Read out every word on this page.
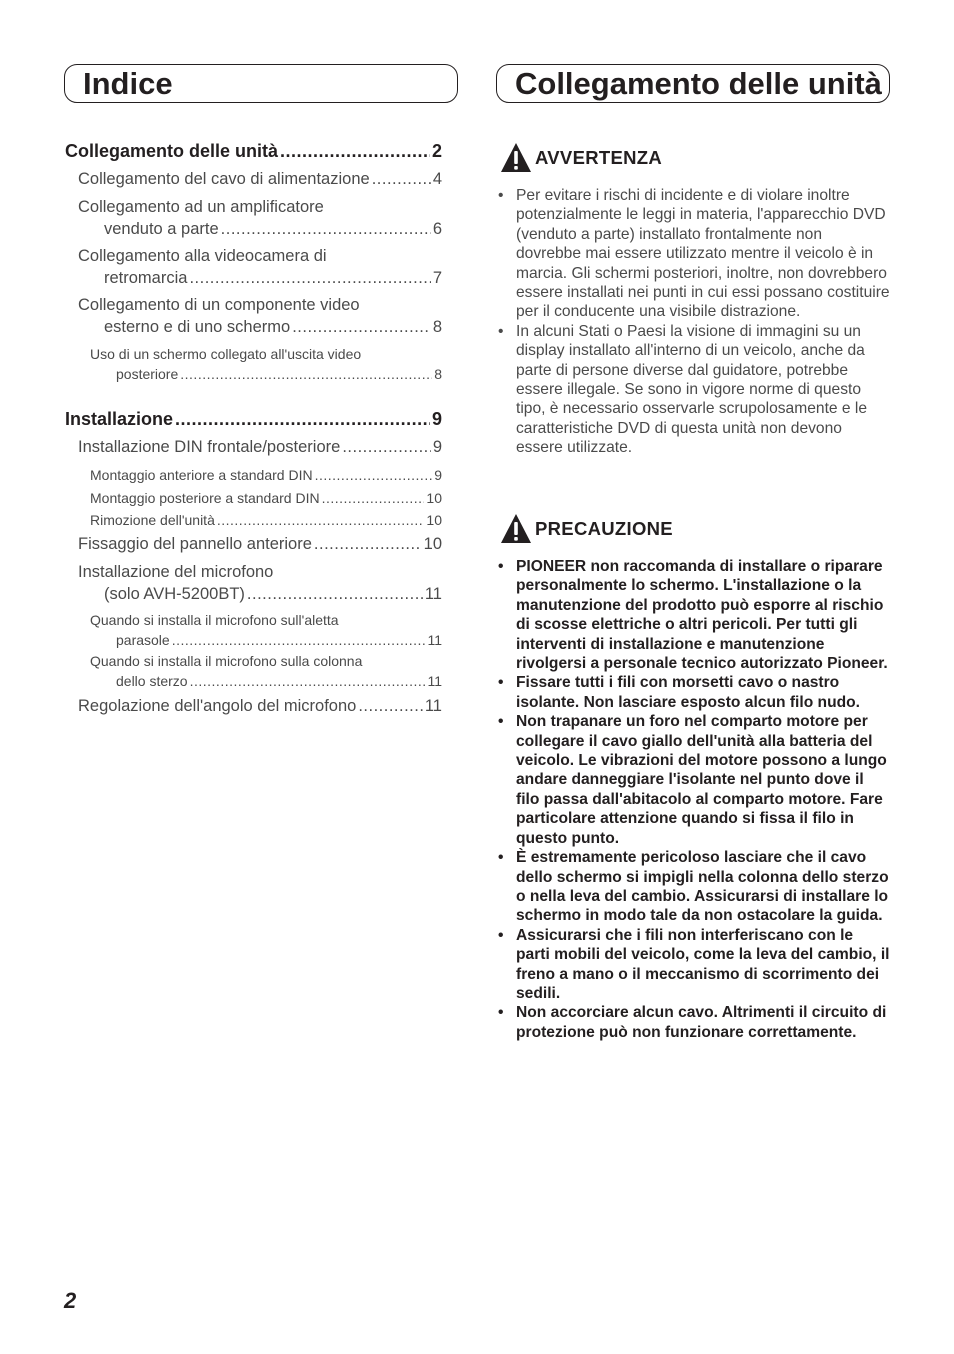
Indice	Collegamento delle unità
Collegamento delle unità .....	2
Collegamento del cavo di alimentazione .....	4
Collegamento ad un amplificatore
venduto a parte .....	6
Collegamento alla videocamera di
retromarcia .....	7
Collegamento di un componente video
esterno e di uno schermo .....	8
Uso di un schermo collegato all'uscita video
posteriore .....	8
Installazione .....	9
Installazione DIN frontale/posteriore .....	9
Montaggio anteriore a standard DIN .....	9
Montaggio posteriore a standard DIN .....	10
Rimozione dell'unità .....	10
Fissaggio del pannello anteriore .....	10
Installazione del microfono
(solo AVH-5200BT) .....	11
Quando si installa il microfono sull'aletta
parasole .....	11
Quando si installa il microfono sulla colonna
dello sterzo .....	11
Regolazione dell'angolo del microfono .....	11
AVVERTENZA
• Per evitare i rischi di incidente e di violare inoltre potenzialmente le leggi in materia, l'apparecchio DVD (venduto a parte) installato frontalmente non dovrebbe mai essere utilizzato mentre il veicolo è in marcia. Gli schermi posteriori, inoltre, non dovrebbero essere installati nei punti in cui essi possano costituire per il conducente una visibile distrazione.
• In alcuni Stati o Paesi la visione di immagini su un display installato all'interno di un veicolo, anche da parte di persone diverse dal guidatore, potrebbe essere illegale. Se sono in vigore norme di questo tipo, è necessario osservarle scrupolosamente e le caratteristiche DVD di questa unità non devono essere utilizzate.
PRECAUZIONE
• PIONEER non raccomanda di installare o riparare personalmente lo schermo. L'installazione o la manutenzione del prodotto può esporre al rischio di scosse elettriche o altri pericoli. Per tutti gli interventi di installazione e manutenzione rivolgersi a personale tecnico autorizzato Pioneer.
• Fissare tutti i fili con morsetti cavo o nastro isolante. Non lasciare esposto alcun filo nudo.
• Non trapanare un foro nel comparto motore per collegare il cavo giallo dell'unità alla batteria del veicolo. Le vibrazioni del motore possono a lungo andare danneggiare l'isolante nel punto dove il filo passa dall'abitacolo al comparto motore. Fare particolare attenzione quando si fissa il filo in questo punto.
• È estremamente pericoloso lasciare che il cavo dello schermo si impigli nella colonna dello sterzo o nella leva del cambio. Assicurarsi di installare lo schermo in modo tale da non ostacolare la guida.
• Assicurarsi che i fili non interferiscano con le parti mobili del veicolo, come la leva del cambio, il freno a mano o il meccanismo di scorrimento dei sedili.
• Non accorciare alcun cavo. Altrimenti il circuito di protezione può non funzionare correttamente.
2
